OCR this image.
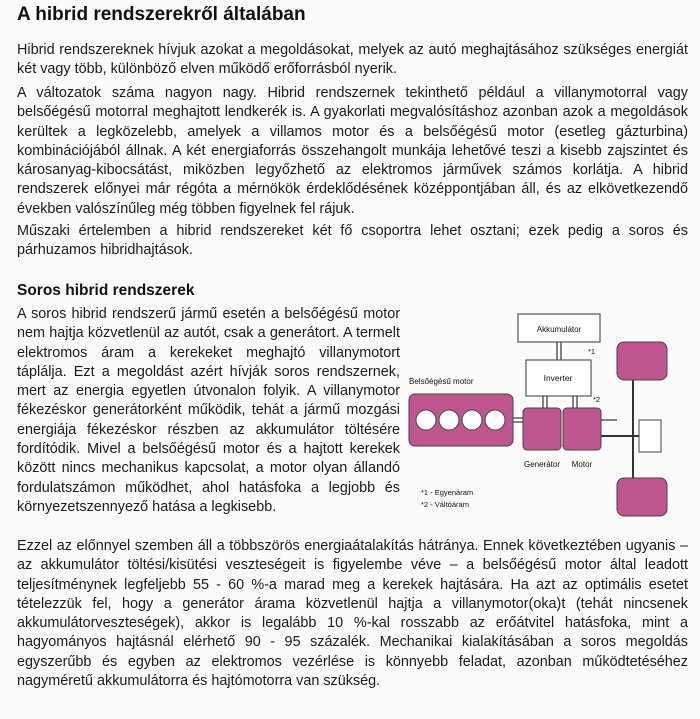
A hibrid rendszerekről általában

Hibrid rendszereknek hívjuk azokat a megoldásokat, melyek az autó meghajtásához szükséges energiát két vagy több, különböző elven működő erőforrásból nyerik.

A változatok száma nagyon nagy. Hibrid rendszernek tekinthető például a villanymotorral vagy belsőégésű motorral meghajtott lendkerék is. A gyakorlati megvalósításhoz azonban azok a megoldások kerültek a legközelebb, amelyek a villamos motor és a belsőégésű motor (esetleg gázturbina) kombinációjából állnak. A két energiaforrás összehangolt munkája lehetővé teszi a kisebb zajszintet és károsanyag-kibocsátást, miközben legyőzhető az elektromos járművek számos korlátja. A hibrid rendszerek előnyei már régóta a mérnökök érdeklődésének középpontjában áll, és az elkövetkezendő években valószínűleg még többen figyelnek fel rájuk.

Műszaki értelemben a hibrid rendszereket két fő csoportra lehet osztani; ezek pedig a soros és párhuzamos hibridhajtások.

Soros hibrid rendszerek

A soros hibrid rendszerű jármű esetén a belsőégésű motor nem hajtja közvetlenül az autót, csak a generátort. A termelt elektromos áram a kerekeket meghajtó villanymotort táplálja. Ezt a megoldást azért hívják soros rendszernek, mert az energia egyetlen útvonalon folyik. A villanymotor fékezéskor generátorként működik, tehát a jármű mozgási energiája fékezéskor részben az akkumulátor töltésére fordítódik. Mivel a belsőégésű motor és a hajtott kerekek között nincs mechanikus kapcsolat, a motor olyan állandó fordulatszámon működhet, ahol hatásfoka a legjobb és környezetszennyező hatása a legkisebb.

Akkumulátor
Inverter
*1
*2
Belsőégésű motor
Generátor Motor
*1 - Egyenáram
*2 - Váltóáram

Ezzel az előnnyel szemben áll a többszörös energiaátalakítás hátránya. Ennek következtében ugyanis – az akkumulátor töltési/kisütési veszteségeit is figyelembe véve – a belsőégésű motor által leadott teljesítménynek legfeljebb 55 - 60 %-a marad meg a kerekek hajtására. Ha azt az optimális esetet tételezzük fel, hogy a generátor árama közvetlenül hajtja a villanymotor(oka)t (tehát nincsenek akkumulátorveszteségek), akkor is legalább 10 %-kal rosszabb az erőátvitel hatásfoka, mint a hagyományos hajtásnál elérhető 90 - 95 százalék. Mechanikai kialakításában a soros megoldás egyszerűbb és egyben az elektromos vezérlése is könnyebb feladat, azonban működtetéséhez nagyméretű akkumulátorra és hajtómotorra van szükség.
